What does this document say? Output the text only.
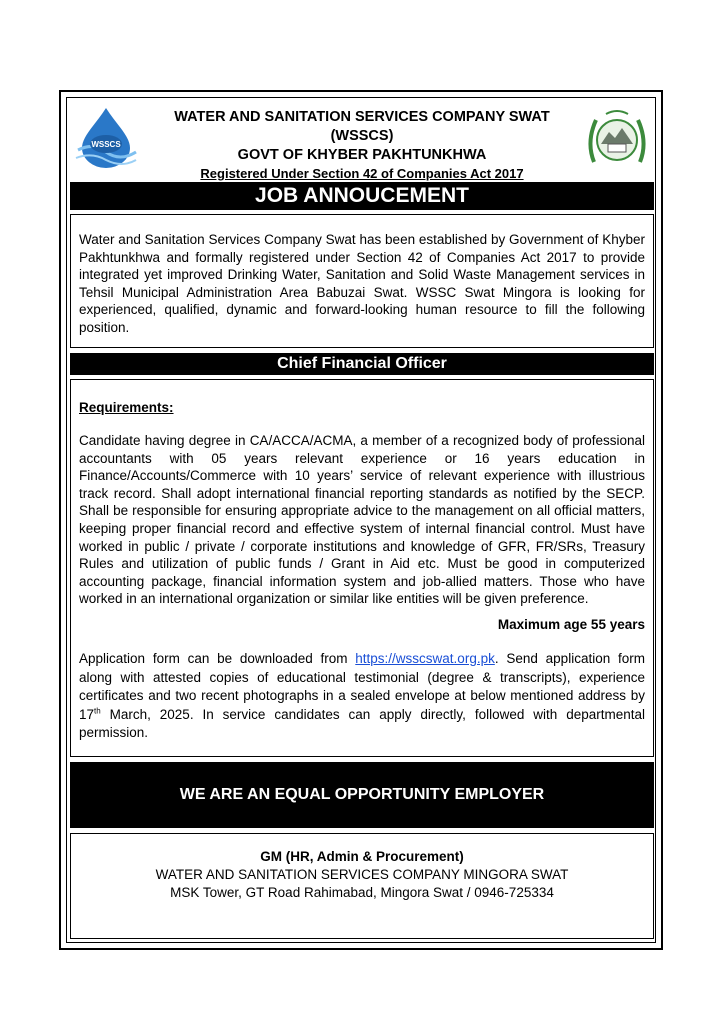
WSSCS
WATER AND SANITATION SERVICES COMPANY SWAT (WSSCS)
GOVT OF KHYBER PAKHTUNKHWA
Registered Under Section 42 of Companies Act 2017
JOB ANNOUCEMENT
Water and Sanitation Services Company Swat has been established by Government of Khyber Pakhtunkhwa and formally registered under Section 42 of Companies Act 2017 to provide integrated yet improved Drinking Water, Sanitation and Solid Waste Management services in Tehsil Municipal Administration Area Babuzai Swat. WSSC Swat Mingora is looking for experienced, qualified, dynamic and forward-looking human resource to fill the following position.
Chief Financial Officer
Requirements:
Candidate having degree in CA/ACCA/ACMA, a member of a recognized body of professional accountants with 05 years relevant experience or 16 years education in Finance/Accounts/Commerce with 10 years’ service of relevant experience with illustrious track record. Shall adopt international financial reporting standards as notified by the SECP. Shall be responsible for ensuring appropriate advice to the management on all official matters, keeping proper financial record and effective system of internal financial control. Must have worked in public / private / corporate institutions and knowledge of GFR, FR/SRs, Treasury Rules and utilization of public funds / Grant in Aid etc. Must be good in computerized accounting package, financial information system and job-allied matters. Those who have worked in an international organization or similar like entities will be given preference.
Maximum age 55 years
Application form can be downloaded from https://wsscswat.org.pk. Send application form along with attested copies of educational testimonial (degree & transcripts), experience certificates and two recent photographs in a sealed envelope at below mentioned address by 17th March, 2025. In service candidates can apply directly, followed with departmental permission.
WE ARE AN EQUAL OPPORTUNITY EMPLOYER
GM (HR, Admin & Procurement)
WATER AND SANITATION SERVICES COMPANY MINGORA SWAT
MSK Tower, GT Road Rahimabad, Mingora Swat / 0946-725334
